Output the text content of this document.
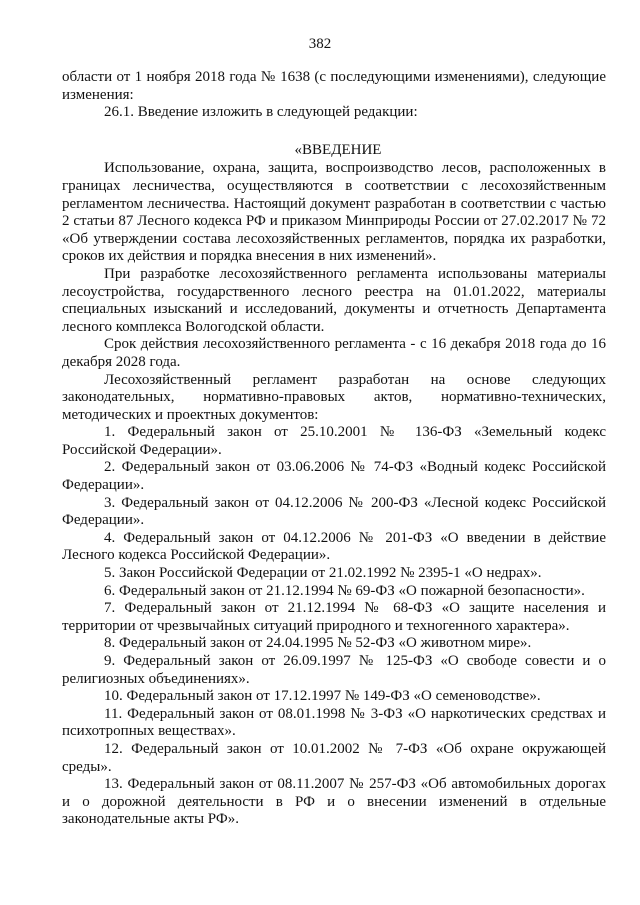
382

области от 1 ноября 2018 года № 1638 (с последующими изменениями), следующие изменения:

26.1. Введение изложить в следующей редакции:

«ВВЕДЕНИЕ

Использование, охрана, защита, воспроизводство лесов, расположенных в границах лесничества, осуществляются в соответствии с лесохозяйственным регламентом лесничества. Настоящий документ разработан в соответствии с частью 2 статьи 87 Лесного кодекса РФ и приказом Минприроды России от 27.02.2017 № 72 «Об утверждении состава лесохозяйственных регламентов, порядка их разработки, сроков их действия и порядка внесения в них изменений».

При разработке лесохозяйственного регламента использованы материалы лесоустройства, государственного лесного реестра на 01.01.2022, материалы специальных изысканий и исследований, документы и отчетность Департамента лесного комплекса Вологодской области.

Срок действия лесохозяйственного регламента - с 16 декабря 2018 года до 16 декабря 2028 года.

Лесохозяйственный регламент разработан на основе следующих законодательных, нормативно-правовых актов, нормативно-технических, методических и проектных документов:

1. Федеральный закон от 25.10.2001 № 136-ФЗ «Земельный кодекс Российской Федерации».

2. Федеральный закон от 03.06.2006 № 74-ФЗ «Водный кодекс Российской Федерации».

3. Федеральный закон от 04.12.2006 № 200-ФЗ «Лесной кодекс Российской Федерации».

4. Федеральный закон от 04.12.2006 № 201-ФЗ «О введении в действие Лесного кодекса Российской Федерации».

5. Закон Российской Федерации от 21.02.1992 № 2395-1 «О недрах».

6. Федеральный закон от 21.12.1994 № 69-ФЗ «О пожарной безопасности».

7. Федеральный закон от 21.12.1994 № 68-ФЗ «О защите населения и территории от чрезвычайных ситуаций природного и техногенного характера».

8. Федеральный закон от 24.04.1995 № 52-ФЗ «О животном мире».

9. Федеральный закон от 26.09.1997 № 125-ФЗ «О свободе совести и о религиозных объединениях».

10. Федеральный закон от 17.12.1997 № 149-ФЗ «О семеноводстве».

11. Федеральный закон от 08.01.1998 № 3-ФЗ «О наркотических средствах и психотропных веществах».

12. Федеральный закон от 10.01.2002 № 7-ФЗ «Об охране окружающей среды».

13. Федеральный закон от 08.11.2007 № 257-ФЗ «Об автомобильных дорогах и о дорожной деятельности в РФ и о внесении изменений в отдельные законодательные акты РФ».
